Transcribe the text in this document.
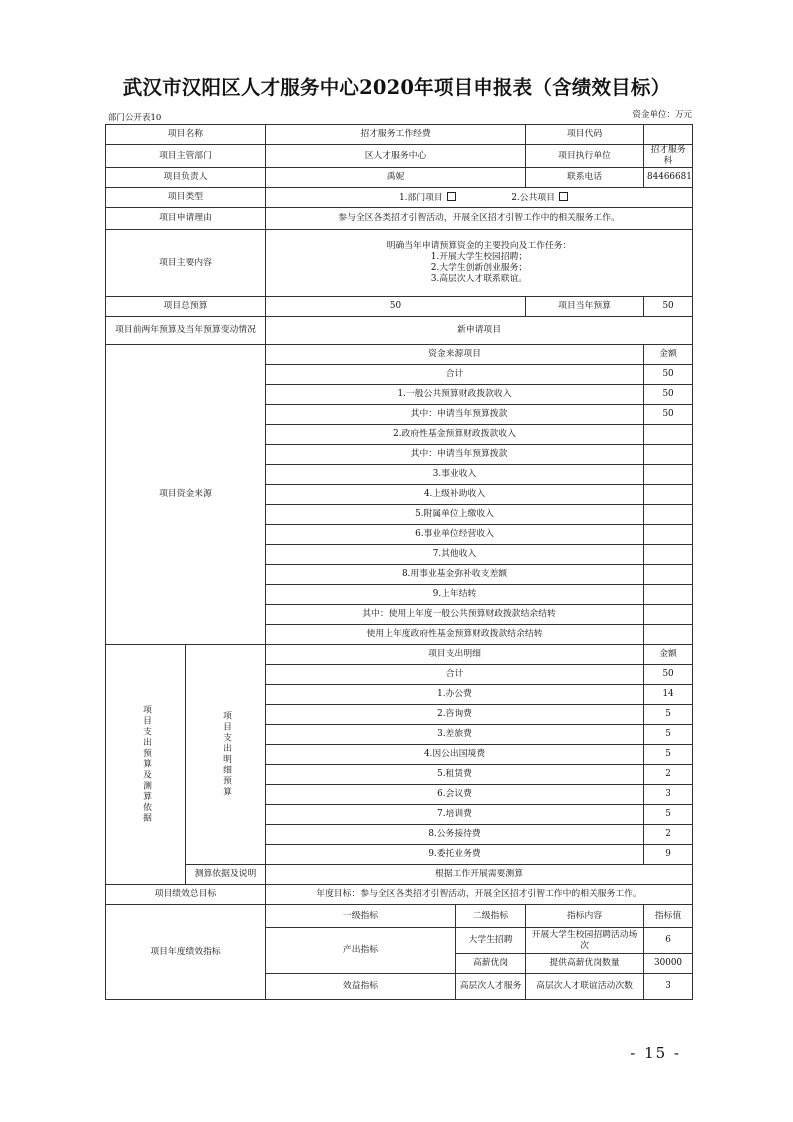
武汉市汉阳区人才服务中心2020年项目申报表（含绩效目标）
部门公开表10	资金单位：万元
项目名称		招才服务工作经费		项目代码		
项目主管部门		区人才服务中心		项目执行单位	招才服务科	
项目负责人		禹妮		联系电话	84466681	
项目类型		1.部门项目 2.公共项目				
项目申请理由		参与全区各类招才引智活动，开展全区招才引智工作中的相关服务工作。				
项目主要内容		明确当年申请预算资金的主要投向及工作任务：
1.开展大学生校园招聘；
2.大学生创新创业服务；
3.高层次人才联系联谊。				

项目总预算		50		项目当年预算	50	
项目前两年预算及当年预算变动情况		新申请项目				
项目资金来源		资金来源项目			金额	
		合计			50	
		1.一般公共预算财政拨款收入			50	
		其中：申请当年预算拨款			50	
		2.政府性基金预算财政拨款收入				
		其中：申请当年预算拨款				
		3.事业收入				
		4.上级补助收入				
		5.附属单位上缴收入				
		6.事业单位经营收入				
		7.其他收入				
		8.用事业基金弥补收支差额				
		9.上年结转				
		其中：使用上年度一般公共预算财政拨款结余结转				
		使用上年度政府性基金预算财政拨款结余结转				
项目支出预算及测算依据	项目支出明细预算	项目支出明细			金额	
		合计			50	
		1.办公费			14	
		2.咨询费			5	
		3.差旅费			5	
		4.因公出国境费			5	
		5.租赁费			2	
		6.会议费			3	
		7.培训费			5	
		8.公务接待费			2	
		9.委托业务费			9	
	测算依据及说明	根据工作开展需要测算				
项目绩效总目标		年度目标：参与全区各类招才引智活动，开展全区招才引智工作中的相关服务工作。				
项目年度绩效指标		一级指标	二级指标	指标内容	指标值	
		产出指标	大学生招聘	开展大学生校园招聘活动场次	6	
			高薪优岗	提供高薪优岗数量	30000	
		效益指标	高层次人才服务	高层次人才联谊活动次数	3	
- 15 -
